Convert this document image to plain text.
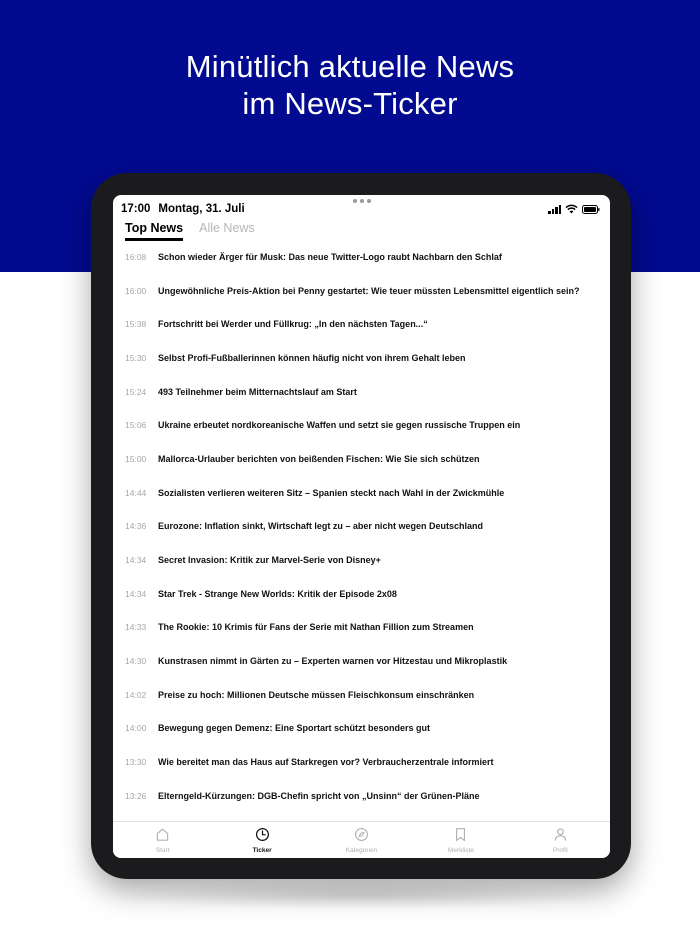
Minütlich aktuelle News
im News-Ticker
17:00 Montag, 31. Juli
Top News Alle News
16:08	Schon wieder Ärger für Musk: Das neue Twitter-Logo raubt Nachbarn den Schlaf
16:00	Ungewöhnliche Preis-Aktion bei Penny gestartet: Wie teuer müssten Lebensmittel eigentlich sein?
15:38	Fortschritt bei Werder und Füllkrug: „In den nächsten Tagen...“
15:30	Selbst Profi-Fußballerinnen können häufig nicht von ihrem Gehalt leben
15:24	493 Teilnehmer beim Mitternachtslauf am Start
15:06	Ukraine erbeutet nordkoreanische Waffen und setzt sie gegen russische Truppen ein
15:00	Mallorca-Urlauber berichten von beißenden Fischen: Wie Sie sich schützen
14:44	Sozialisten verlieren weiteren Sitz – Spanien steckt nach Wahl in der Zwickmühle
14:36	Eurozone: Inflation sinkt, Wirtschaft legt zu – aber nicht wegen Deutschland
14:34	Secret Invasion: Kritik zur Marvel-Serie von Disney+
14:34	Star Trek - Strange New Worlds: Kritik der Episode 2x08
14:33	The Rookie: 10 Krimis für Fans der Serie mit Nathan Fillion zum Streamen
14:30	Kunstrasen nimmt in Gärten zu – Experten warnen vor Hitzestau und Mikroplastik
14:02	Preise zu hoch: Millionen Deutsche müssen Fleischkonsum einschränken
14:00	Bewegung gegen Demenz: Eine Sportart schützt besonders gut
13:30	Wie bereitet man das Haus auf Starkregen vor? Verbraucherzentrale informiert
13:26	Elterngeld-Kürzungen: DGB-Chefin spricht von „Unsinn“ der Grünen-Pläne
Start	Ticker	Kategorien	Merkliste	Profil
